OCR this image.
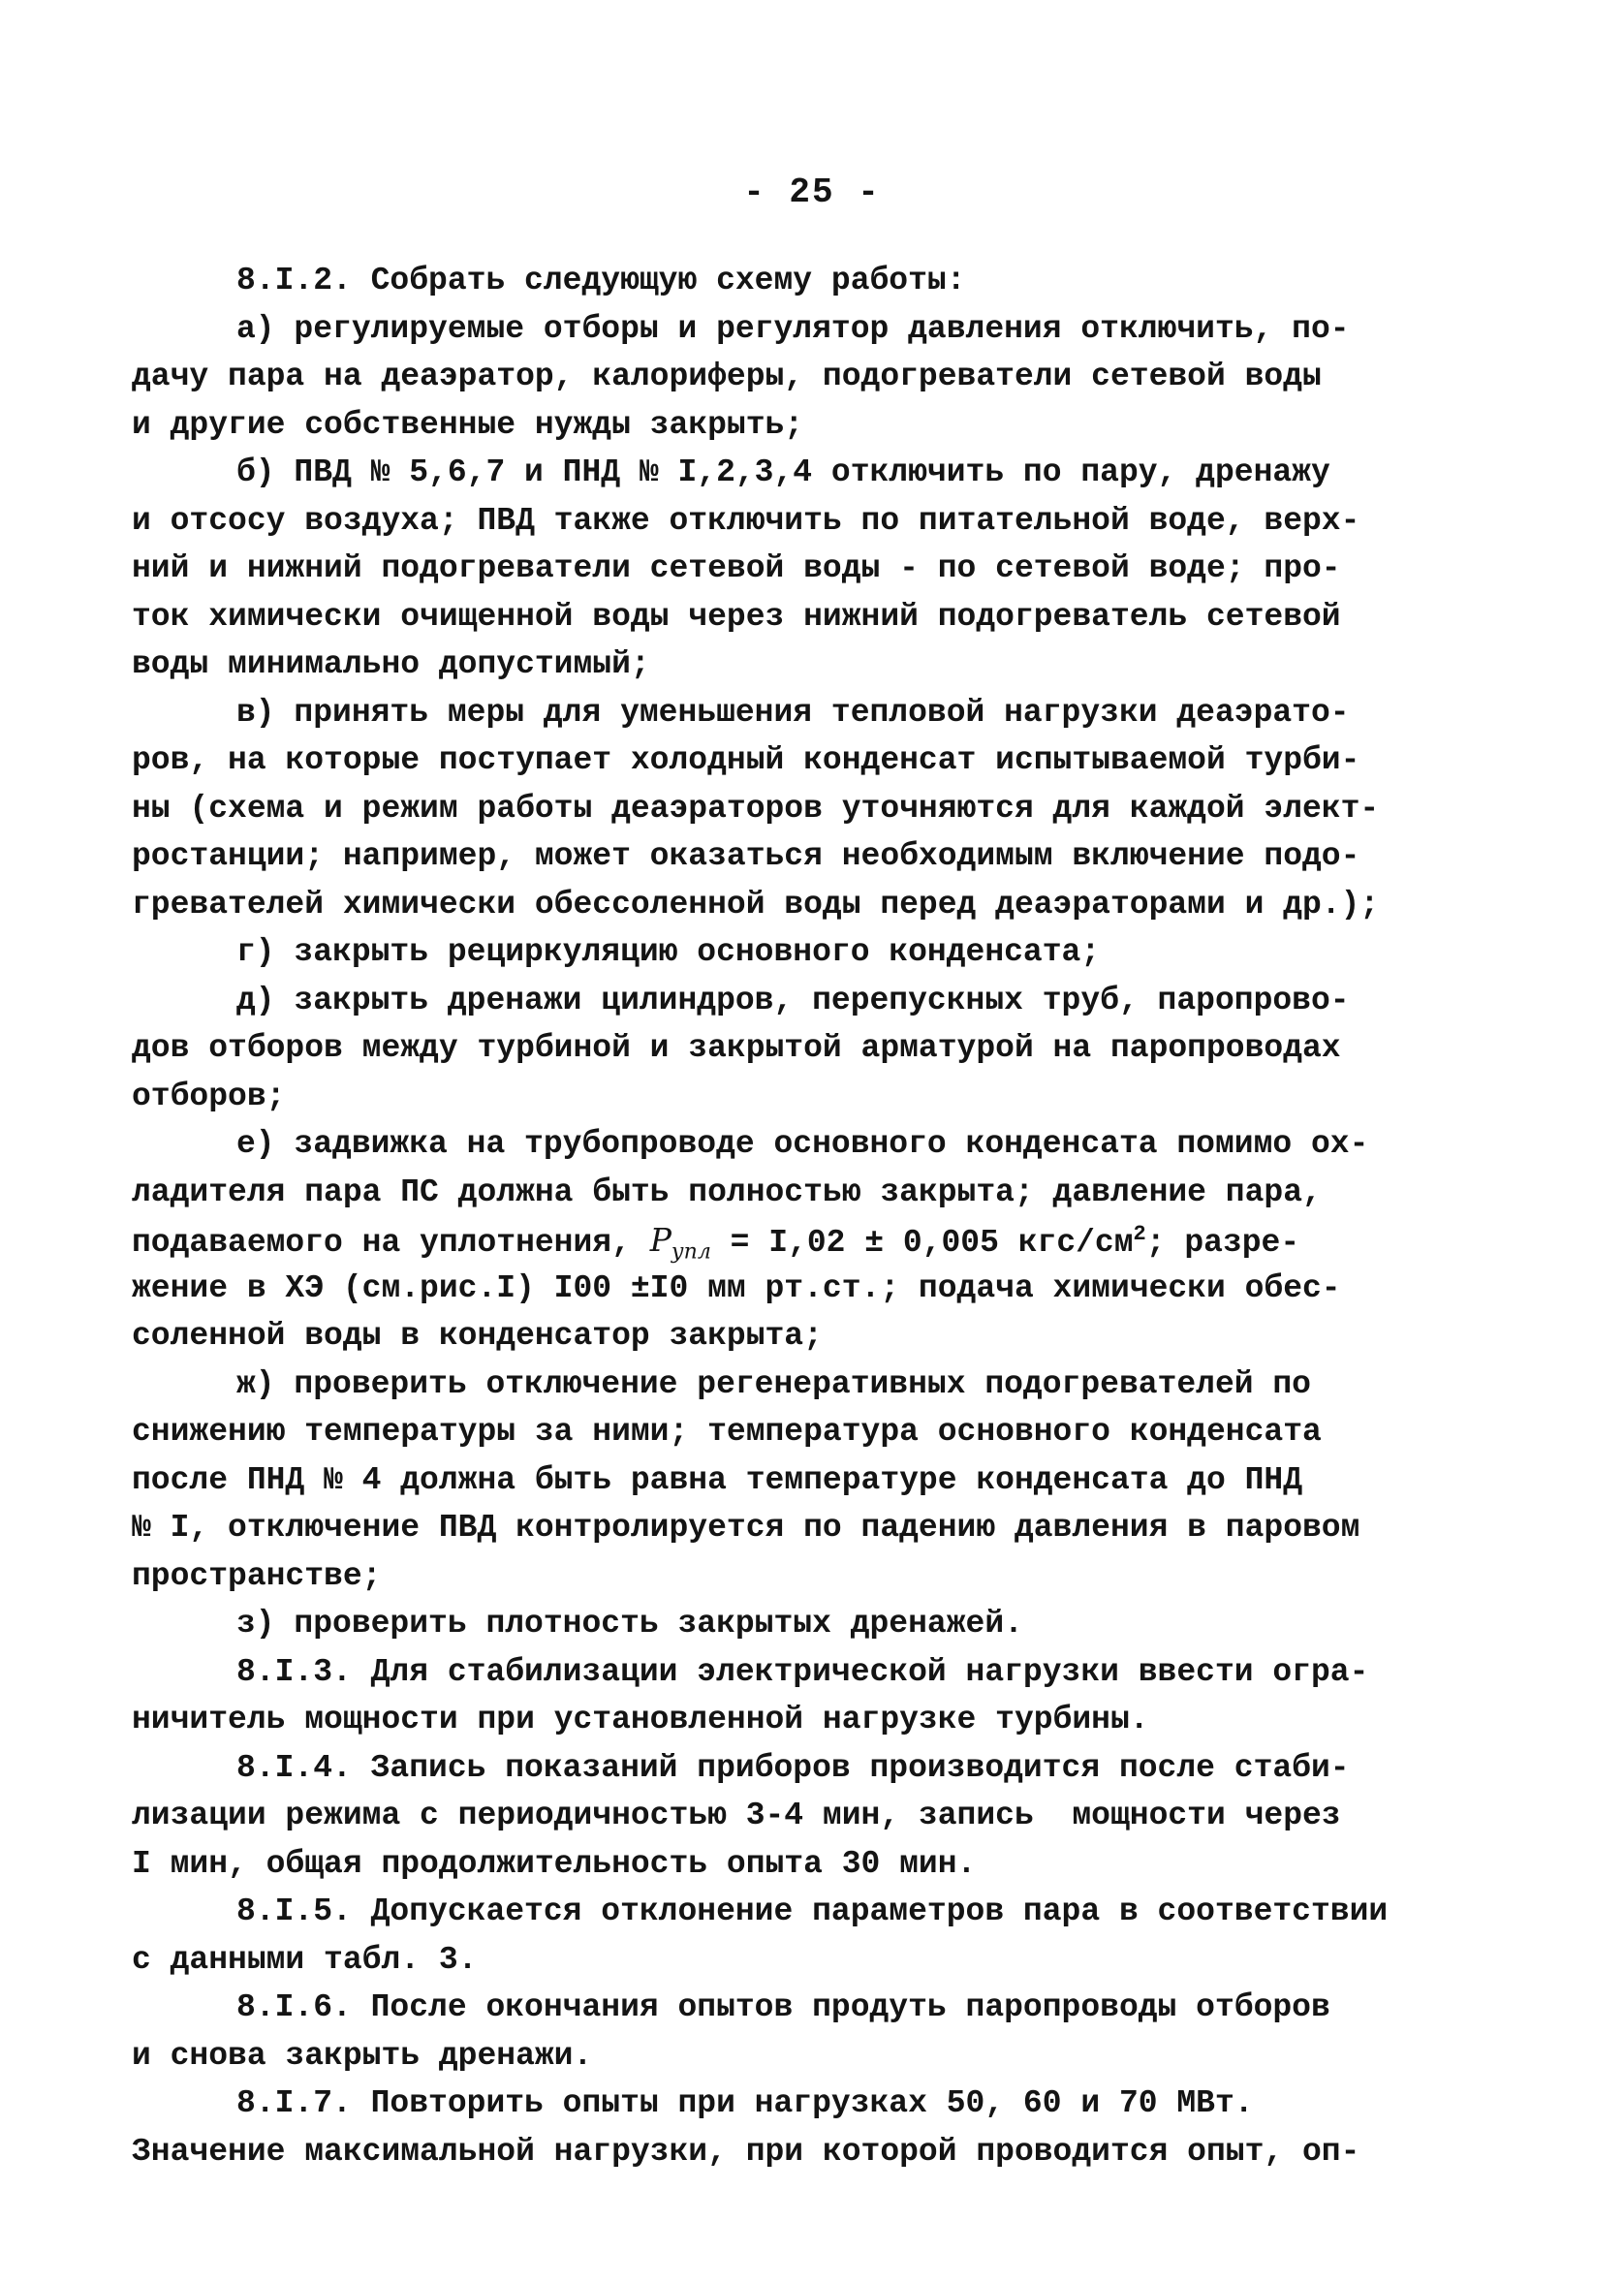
- 25 -
8.I.2. Собрать следующую схему работы:
а) регулируемые отборы и регулятор давления отключить, по-
дачу пара на деаэратор, калориферы, подогреватели сетевой воды
и другие собственные нужды закрыть;
б) ПВД № 5,6,7 и ПНД № I,2,3,4 отключить по пару, дренажу
и отсосу воздуха; ПВД также отключить по питательной воде, верх-
ний и нижний подогреватели сетевой воды - по сетевой воде; про-
ток химически очищенной воды через нижний подогреватель сетевой
воды минимально допустимый;
в) принять меры для уменьшения тепловой нагрузки деаэрато-
ров, на которые поступает холодный конденсат испытываемой турби-
ны (схема и режим работы деаэраторов уточняются для каждой элект-
ростанции; например, может оказаться необходимым включение подо-
гревателей химически обессоленной воды перед деаэраторами и др.);
г) закрыть рециркуляцию основного конденсата;
д) закрыть дренажи цилиндров, перепускных труб, паропрово-
дов отборов между турбиной и закрытой арматурой на паропроводах
отборов;
е) задвижка на трубопроводе основного конденсата помимо ох-
ладителя пара ПС должна быть полностью закрыта; давление пара,
подаваемого на уплотнения, $P_{упл} = I,02 \pm 0,005$ кгс/$см^2$; разре-
жение в ХЭ (см.рис.I) I00 ±I0 мм рт.ст.; подача химически обес-
соленной воды в конденсатор закрыта;
ж) проверить отключение регенеративных подогревателей по
снижению температуры за ними; температура основного конденсата
после ПНД № 4 должна быть равна температуре конденсата до ПНД
№ I, отключение ПВД контролируется по падению давления в паровом
пространстве;
з) проверить плотность закрытых дренажей.
8.I.3. Для стабилизации электрической нагрузки ввести огра-
ничитель мощности при установленной нагрузке турбины.
8.I.4. Запись показаний приборов производится после стаби-
лизации режима с периодичностью 3-4 мин, запись  мощности через
I мин, общая продолжительность опыта 30 мин.
8.I.5. Допускается отклонение параметров пара в соответствии
с данными табл. 3.
8.I.6. После окончания опытов продуть паропроводы отборов
и снова закрыть дренажи.
8.I.7. Повторить опыты при нагрузках 50, 60 и 70 МВт.
Значение максимальной нагрузки, при которой проводится опыт, оп-
